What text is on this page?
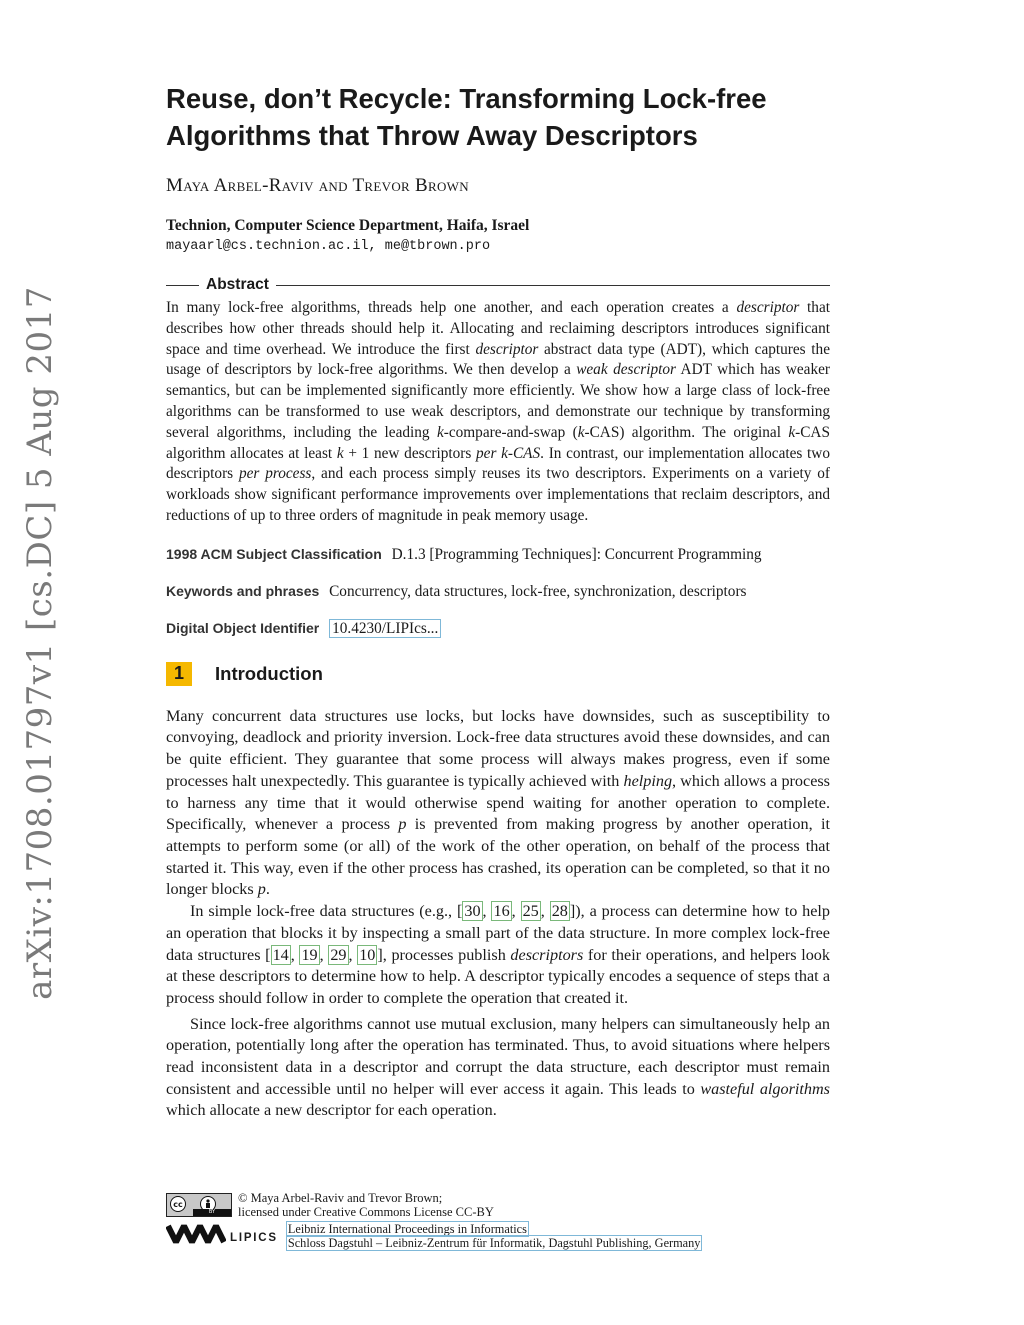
arXiv:1708.01797v1 [cs.DC] 5 Aug 2017
Reuse, don’t Recycle: Transforming Lock-free
Algorithms that Throw Away Descriptors
Maya Arbel-Raviv and Trevor Brown
Technion, Computer Science Department, Haifa, Israel
mayaarl@cs.technion.ac.il, me@tbrown.pro
Abstract
In many lock-free algorithms, threads help one another, and each operation creates a descriptor that describes how other threads should help it. Allocating and reclaiming descriptors introduces significant space and time overhead. We introduce the first descriptor abstract data type (ADT), which captures the usage of descriptors by lock-free algorithms. We then develop a weak descriptor ADT which has weaker semantics, but can be implemented significantly more efficiently. We show how a large class of lock-free algorithms can be transformed to use weak descriptors, and demonstrate our technique by transforming several algorithms, including the leading k-compare-and-swap (k-CAS) algorithm. The original k-CAS algorithm allocates at least k + 1 new descriptors per k-CAS. In contrast, our implementation allocates two descriptors per process, and each process simply reuses its two descriptors. Experiments on a variety of workloads show significant performance improvements over implementations that reclaim descriptors, and reductions of up to three orders of magnitude in peak memory usage.
1998 ACM Subject Classification D.1.3 [Programming Techniques]: Concurrent Programming
Keywords and phrases Concurrency, data structures, lock-free, synchronization, descriptors
Digital Object Identifier 10.4230/LIPIcs...
1	Introduction

Many concurrent data structures use locks, but locks have downsides, such as susceptibility to convoying, deadlock and priority inversion. Lock-free data structures avoid these downsides, and can be quite efficient. They guarantee that some process will always makes progress, even if some processes halt unexpectedly. This guarantee is typically achieved with helping, which allows a process to harness any time that it would otherwise spend waiting for another operation to complete. Specifically, whenever a process p is prevented from making progress by another operation, it attempts to perform some (or all) of the work of the other operation, on behalf of the process that started it. This way, even if the other process has crashed, its operation can be completed, so that it no longer blocks p.

In simple lock-free data structures (e.g., [ 30 , 16 , 25 , 28 ]), a process can determine how to help an operation that blocks it by inspecting a small part of the data structure. In more complex lock-free data structures [ 14 , 19 , 29 , 10 ], processes publish descriptors for their operations, and helpers look at these descriptors to determine how to help. A descriptor typically encodes a sequence of steps that a process should follow in order to complete the operation that created it.

Since lock-free algorithms cannot use mutual exclusion, many helpers can simultaneously help an operation, potentially long after the operation has terminated. Thus, to avoid situations where helpers read inconsistent data in a descriptor and corrupt the data structure, each descriptor must remain consistent and accessible until no helper will ever access it again. This leads to wasteful algorithms which allocate a new descriptor for each operation.

cc
BY
© Maya Arbel-Raviv and Trevor Brown;
licensed under Creative Commons License CC-BY
LIPICS
Leibniz International Proceedings in Informatics
Schloss Dagstuhl – Leibniz-Zentrum für Informatik, Dagstuhl Publishing, Germany
